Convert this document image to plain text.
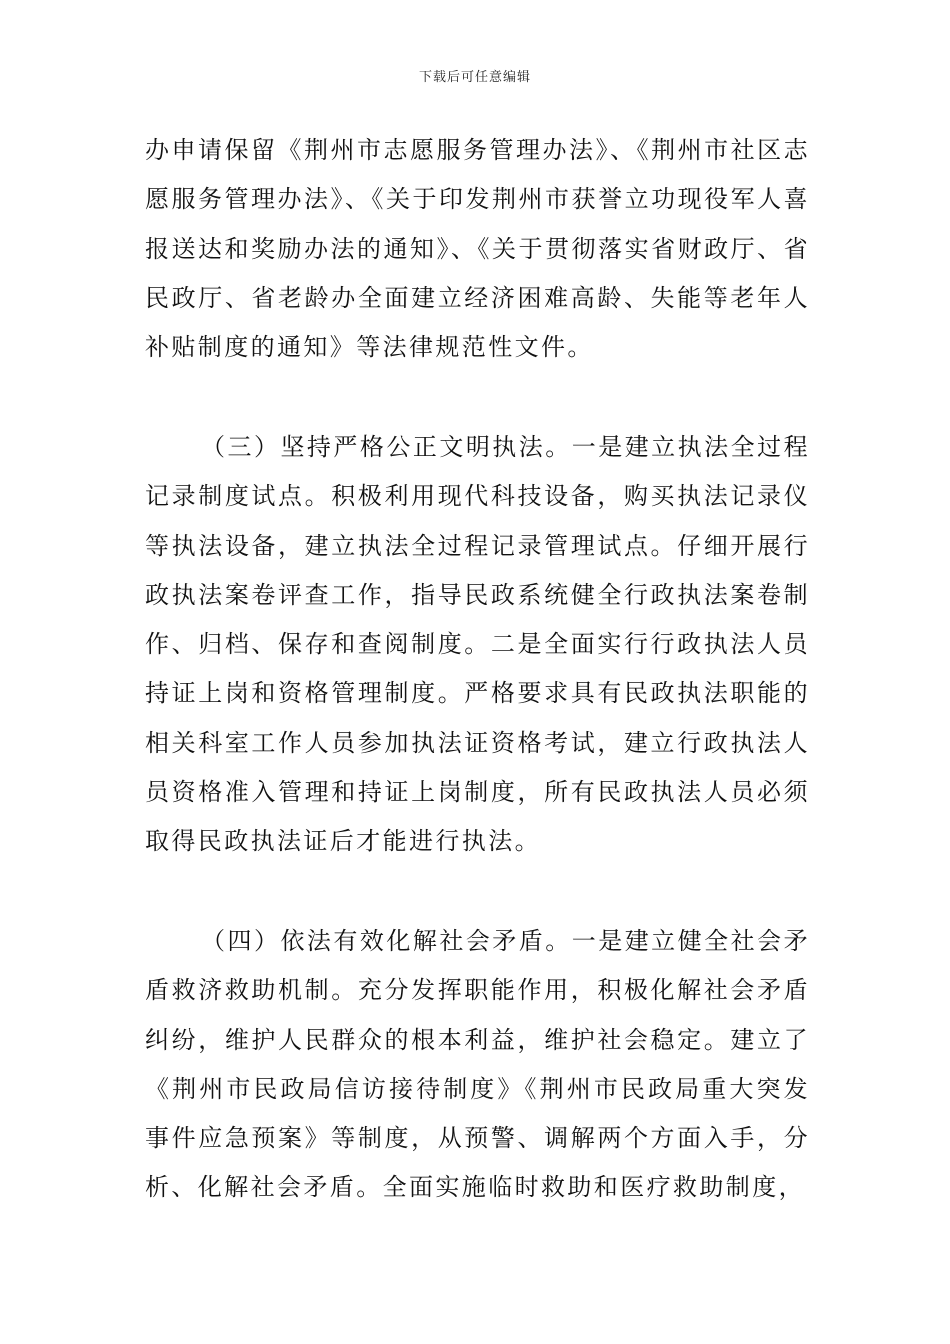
下载后可任意编辑

办申请保留《荆州市志愿服务管理办法》、《荆州市社区志愿服务管理办法》、《关于印发荆州市获誉立功现役军人喜报送达和奖励办法的通知》、《关于贯彻落实省财政厅、省民政厅、省老龄办全面建立经济困难高龄、失能等老年人补贴制度的通知》等法律规范性文件。

（三）坚持严格公正文明执法。一是建立执法全过程记录制度试点。积极利用现代科技设备，购买执法记录仪等执法设备，建立执法全过程记录管理试点。仔细开展行政执法案卷评查工作，指导民政系统健全行政执法案卷制作、归档、保存和查阅制度。二是全面实行行政执法人员持证上岗和资格管理制度。严格要求具有民政执法职能的相关科室工作人员参加执法证资格考试，建立行政执法人员资格准入管理和持证上岗制度，所有民政执法人员必须取得民政执法证后才能进行执法。

（四）依法有效化解社会矛盾。一是建立健全社会矛盾救济救助机制。充分发挥职能作用，积极化解社会矛盾纠纷，维护人民群众的根本利益，维护社会稳定。建立了《荆州市民政局信访接待制度》《荆州市民政局重大突发事件应急预案》等制度，从预警、调解两个方面入手，分析、化解社会矛盾。全面实施临时救助和医疗救助制度，
